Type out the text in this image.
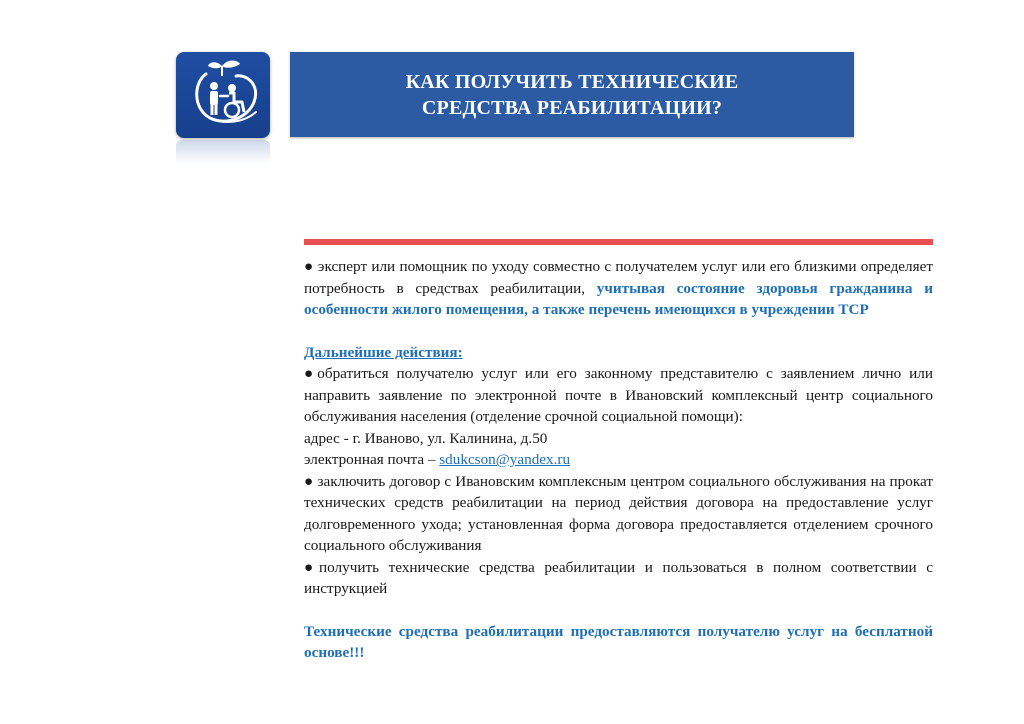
КАК ПОЛУЧИТЬ ТЕХНИЧЕСКИЕ
СРЕДСТВА РЕАБИЛИТАЦИИ?

● эксперт или помощник по уходу совместно с получателем услуг или его близкими определяет потребность в средствах реабилитации, учитывая состояние здоровья гражданина и особенности жилого помещения, а также перечень имеющихся в учреждении ТСР

Дальнейшие действия:

●обратиться получателю услуг или его законному представителю с заявлением лично или направить заявление по электронной почте в Ивановский комплексный центр социального обслуживания населения (отделение срочной социальной помощи):

адрес - г. Иваново, ул. Калинина, д.50

электронная почта – sdukcson@yandex.ru

● заключить договор с Ивановским комплексным центром социального обслуживания на прокат технических средств реабилитации на период действия договора на предоставление услуг долговременного ухода; установленная форма договора предоставляется отделением срочного социального обслуживания

●получить технические средства реабилитации и пользоваться в полном соответствии с инструкцией

Технические средства реабилитации предоставляются получателю услуг на бесплатной основе!!!
